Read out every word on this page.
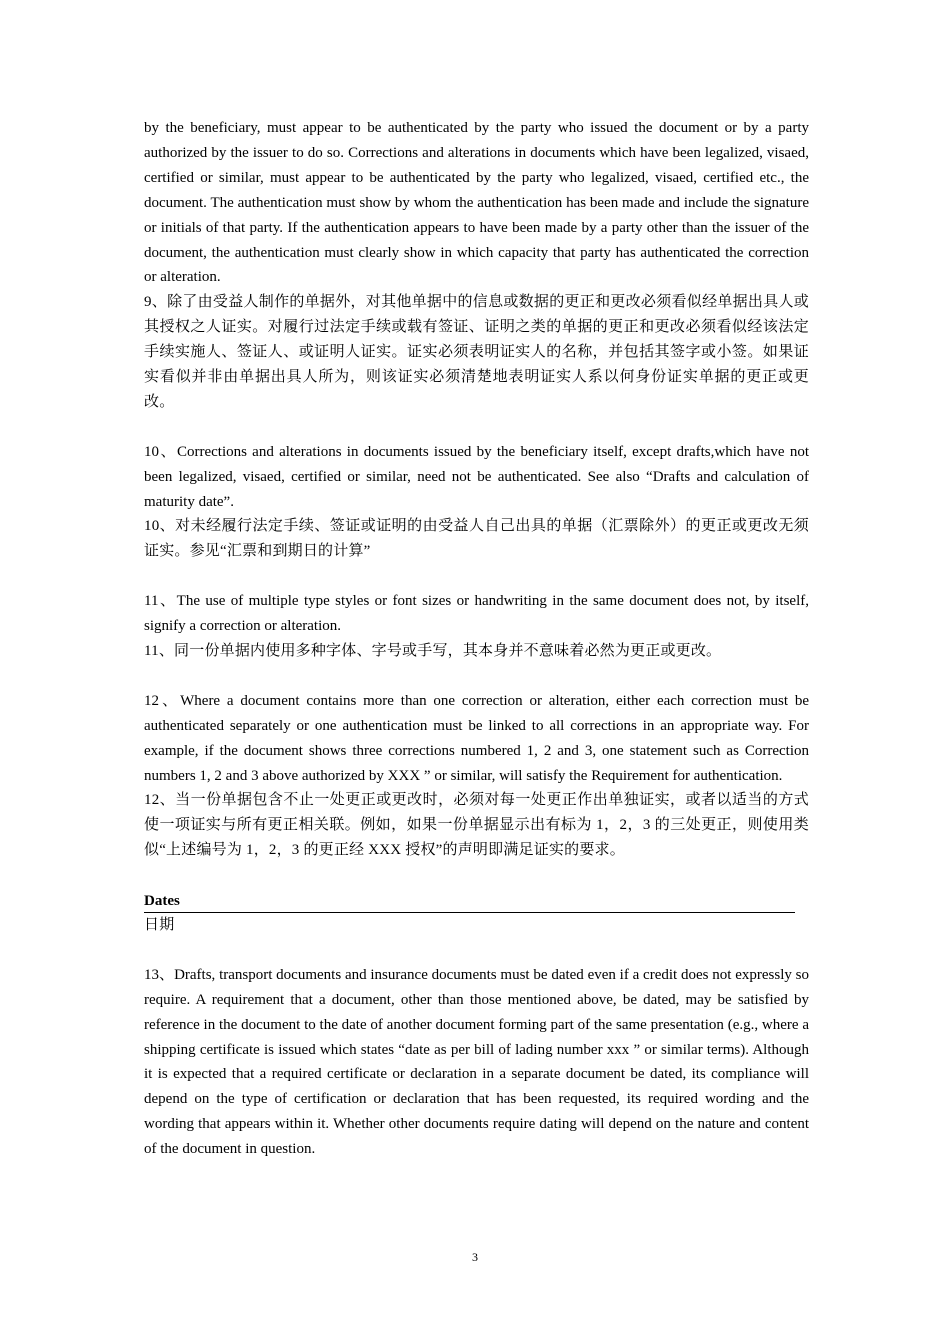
by the beneficiary, must appear to be authenticated by the party who issued the document or by a party authorized by the issuer to do so. Corrections and alterations in documents which have been legalized, visaed, certified or similar, must appear to be authenticated by the party who legalized, visaed, certified etc., the document. The authentication must show by whom the authentication has been made and include the signature or initials of that party. If the authentication appears to have been made by a party other than the issuer of the document, the authentication must clearly show in which capacity that party has authenticated the correction or alteration.

9、除了由受益人制作的单据外，对其他单据中的信息或数据的更正和更改必须看似经单据出具人或其授权之人证实。对履行过法定手续或载有签证、证明之类的单据的更正和更改必须看似经该法定手续实施人、签证人、或证明人证实。证实必须表明证实人的名称，并包括其签字或小签。如果证实看似并非由单据出具人所为，则该证实必须清楚地表明证实人系以何身份证实单据的更正或更改。

10、Corrections and alterations in documents issued by the beneficiary itself, except drafts,which have not been legalized, visaed, certified or similar, need not be authenticated. See also “Drafts and calculation of maturity date”.

10、对未经履行法定手续、签证或证明的由受益人自己出具的单据（汇票除外）的更正或更改无须证实。参见“汇票和到期日的计算”

11、The use of multiple type styles or font sizes or handwriting in the same document does not, by itself, signify a correction or alteration.

11、同一份单据内使用多种字体、字号或手写，其本身并不意味着必然为更正或更改。

12、Where a document contains more than one correction or alteration, either each correction must be authenticated separately or one authentication must be linked to all corrections in an appropriate way. For example, if the document shows three corrections numbered 1, 2 and 3, one statement such as Correction numbers 1, 2 and 3 above authorized by XXX ” or similar, will satisfy the Requirement for authentication.

12、当一份单据包含不止一处更正或更改时，必须对每一处更正作出单独证实，或者以适当的方式使一项证实与所有更正相关联。例如，如果一份单据显示出有标为 1，2，3 的三处更正，则使用类似“上述编号为 1，2，3 的更正经 XXX 授权”的声明即满足证实的要求。

Dates

日期

13、Drafts, transport documents and insurance documents must be dated even if a credit does not expressly so require. A requirement that a document, other than those mentioned above, be dated, may be satisfied by reference in the document to the date of another document forming part of the same presentation (e.g., where a shipping certificate is issued which states “date as per bill of lading number xxx ” or similar terms). Although it is expected that a required certificate or declaration in a separate document be dated, its compliance will depend on the type of certification or declaration that has been requested, its required wording and the wording that appears within it. Whether other documents require dating will depend on the nature and content of the document in question.

3
